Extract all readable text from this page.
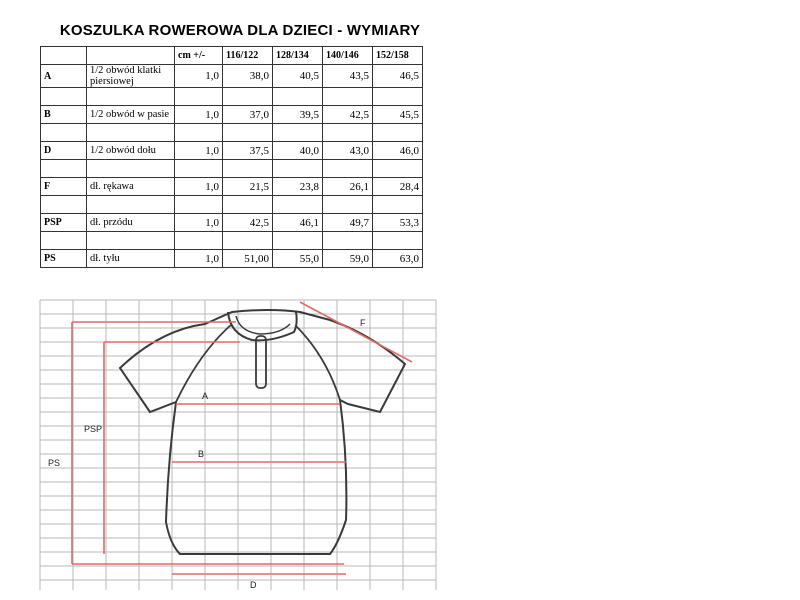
KOSZULKA ROWEROWA DLA DZIECI - WYMIARY
		cm +/-	116/122	128/134	140/146	152/158
A	1/2 obwód klatki piersiowej	1,0	38,0	40,5	43,5	46,5

B	1/2 obwód w pasie	1,0	37,0	39,5	42,5	45,5

D	1/2 obwód dołu	1,0	37,5	40,0	43,0	46,0

F	dł. rękawa	1,0	21,5	23,8	26,1	28,4

PSP	dł. przódu	1,0	42,5	46,1	49,7	53,3

PS	dł. tyłu	1,0	51,00	55,0	59,0	63,0
A
B
D
F
PSP
PS
